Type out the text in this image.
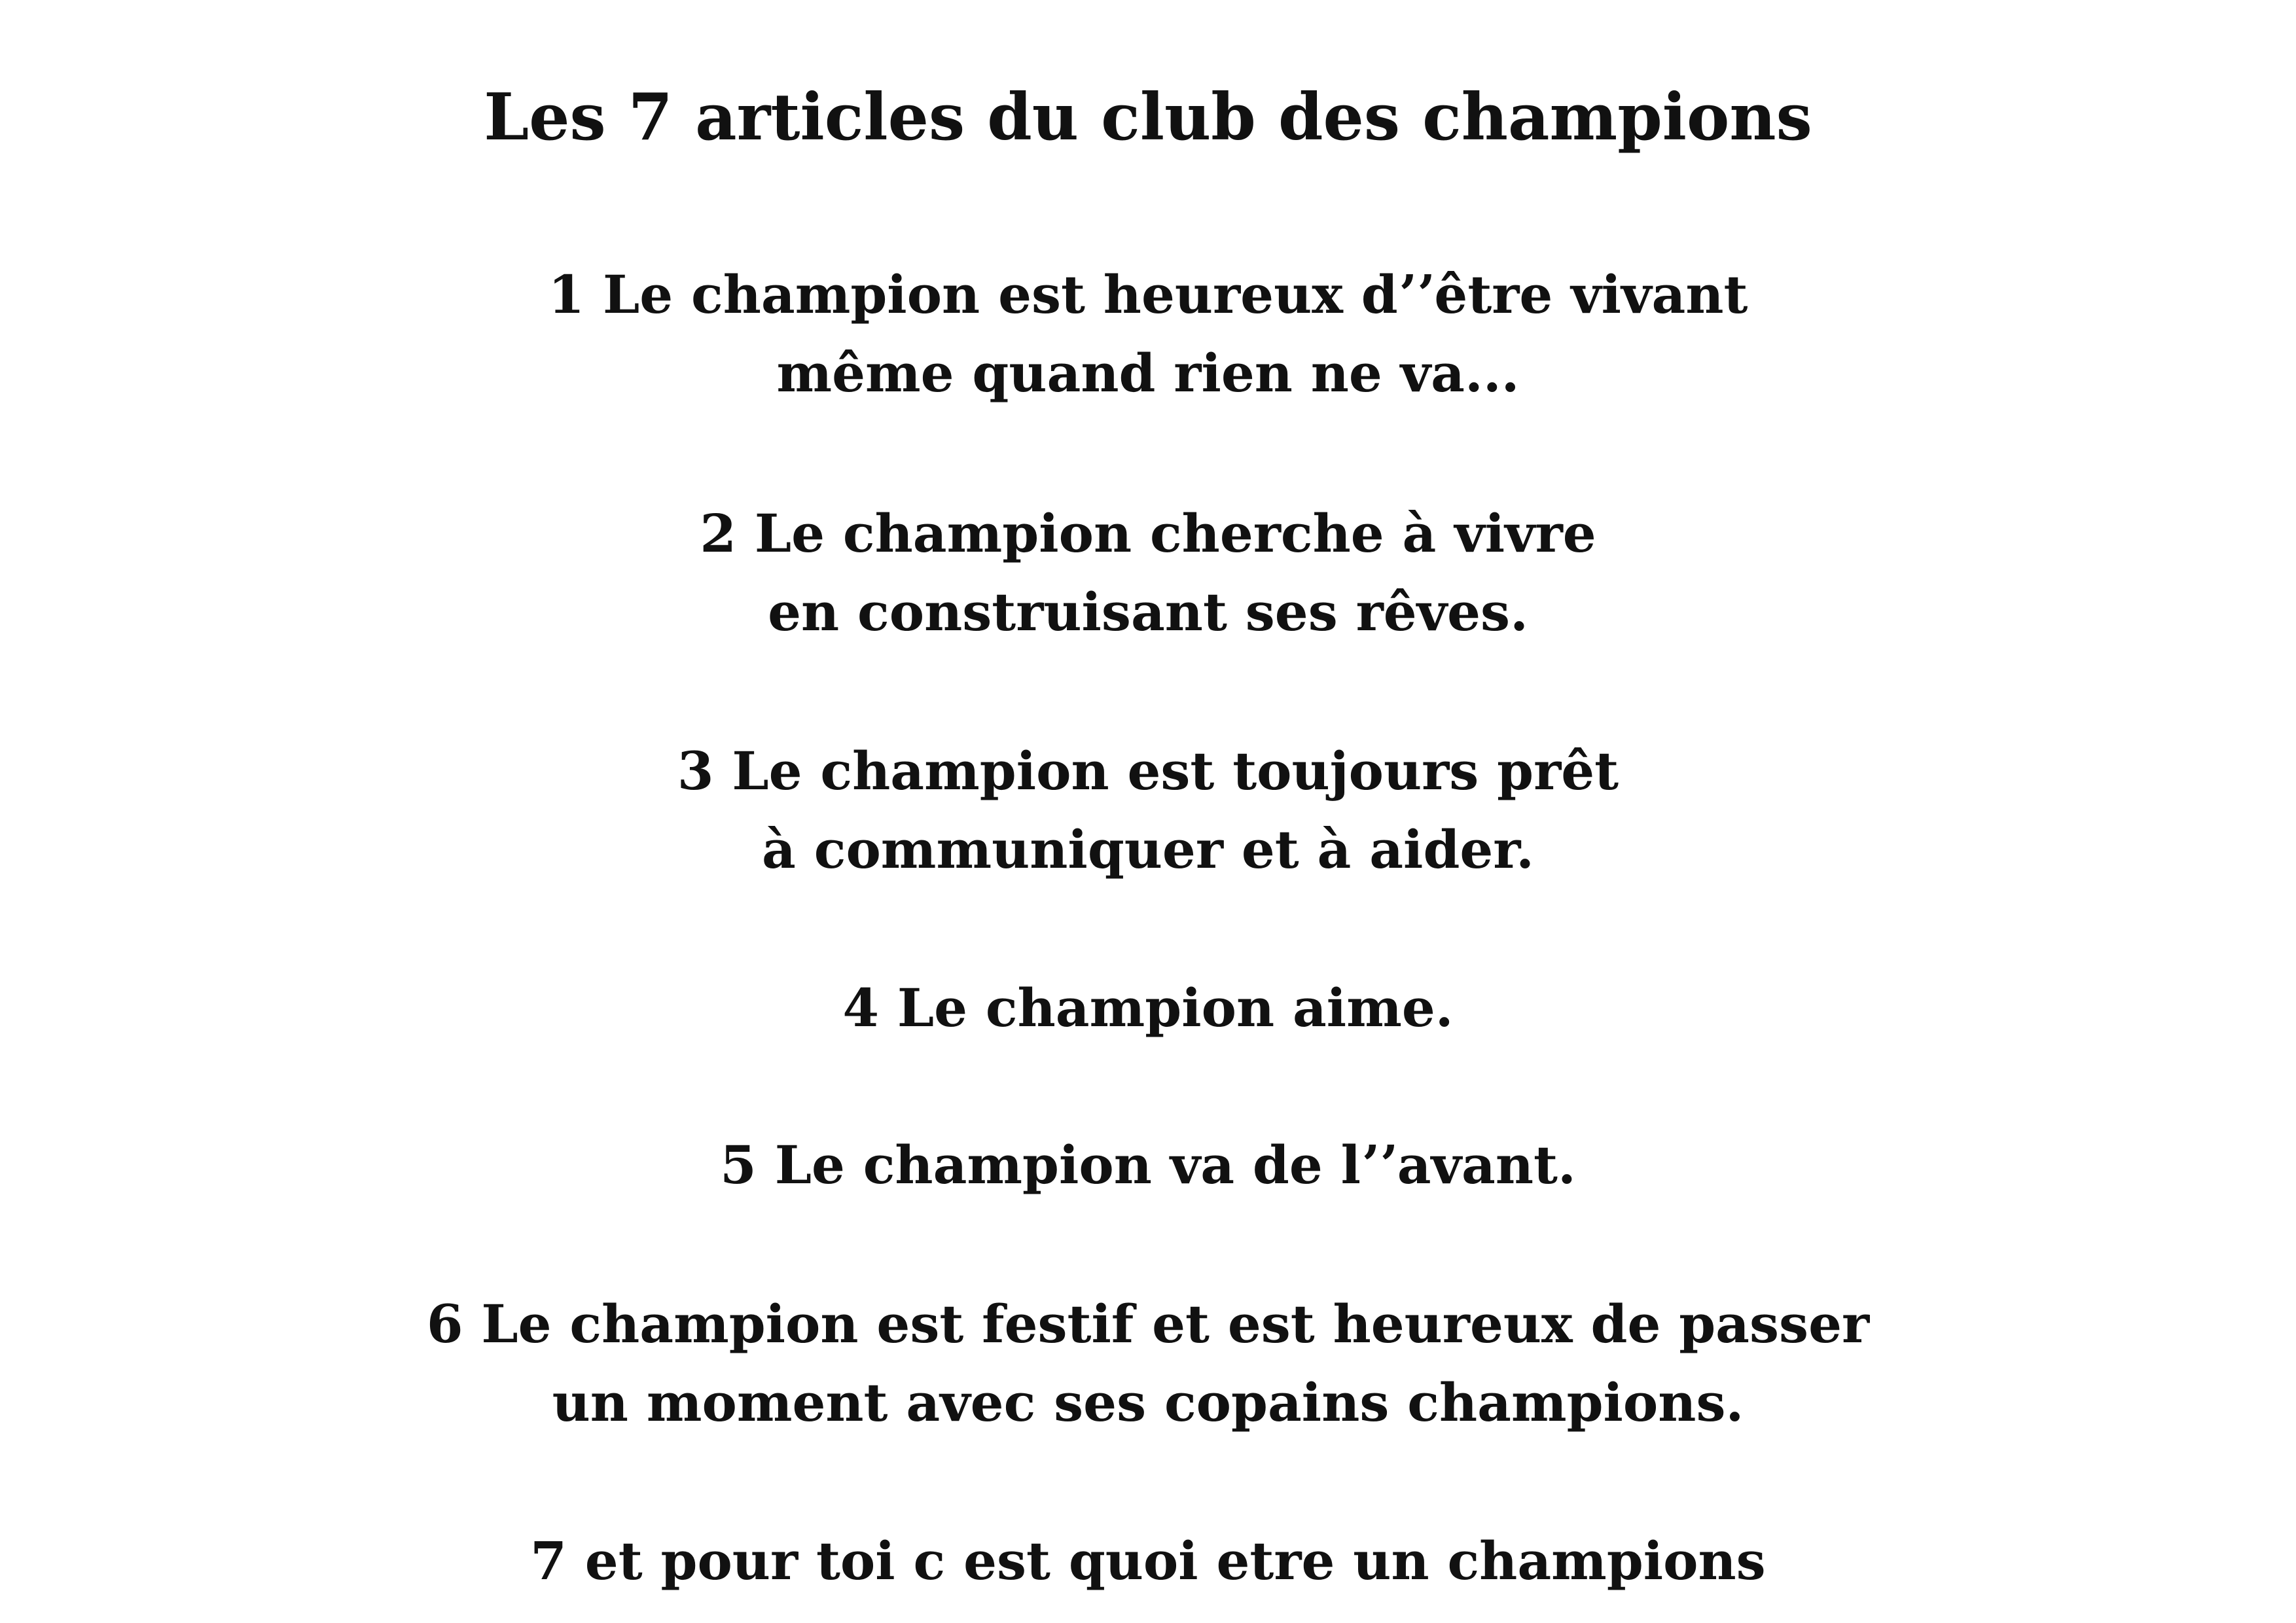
Les 7 articles du club des champions
1 Le champion est heureux dʼʼêtre vivant
même quand rien ne va...
2 Le champion cherche à vivre
en construisant ses rêves.
3 Le champion est toujours prêt
à communiquer et à aider.
4 Le champion aime.
5 Le champion va de lʼʼavant.
6 Le champion est festif et est heureux de passer
un moment avec ses copains champions.
7 et pour toi c est quoi etre un champions
